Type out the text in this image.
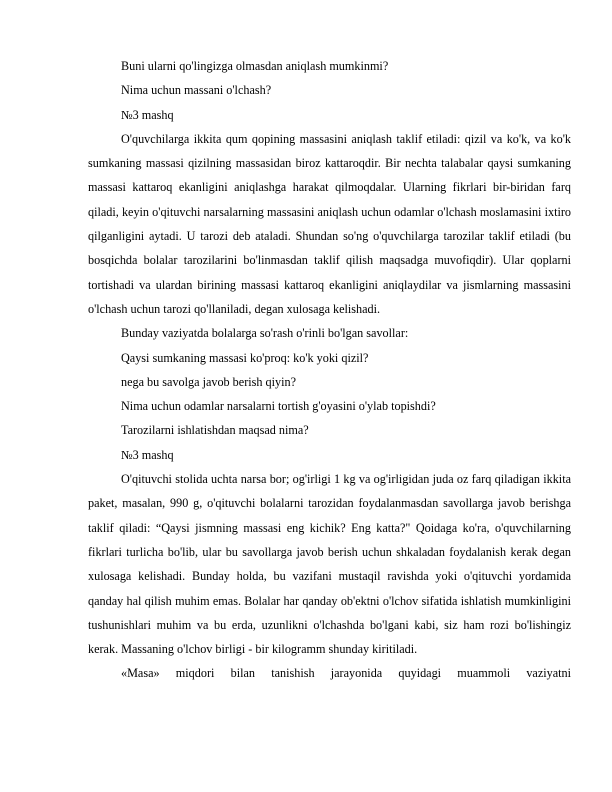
Buni ularni qo'lingizga olmasdan aniqlash mumkinmi?

Nima uchun massani o'lchash?

№3 mashq

O'quvchilarga ikkita qum qopining massasini aniqlash taklif etiladi: qizil va ko'k, va ko'k sumkaning massasi qizilning massasidan biroz kattaroqdir. Bir nechta talabalar qaysi sumkaning massasi kattaroq ekanligini aniqlashga harakat qilmoqdalar. Ularning fikrlari bir-biridan farq qiladi, keyin o'qituvchi narsalarning massasini aniqlash uchun odamlar o'lchash moslamasini ixtiro qilganligini aytadi. U tarozi deb ataladi. Shundan so'ng o'quvchilarga tarozilar taklif etiladi (bu bosqichda bolalar tarozilarini bo'linmasdan taklif qilish maqsadga muvofiqdir). Ular qoplarni tortishadi va ulardan birining massasi kattaroq ekanligini aniqlaydilar va jismlarning massasini o'lchash uchun tarozi qo'llaniladi, degan xulosaga kelishadi.

Bunday vaziyatda bolalarga so'rash o'rinli bo'lgan savollar:

Qaysi sumkaning massasi ko'proq: ko'k yoki qizil?

nega bu savolga javob berish qiyin?

Nima uchun odamlar narsalarni tortish g'oyasini o'ylab topishdi?

Tarozilarni ishlatishdan maqsad nima?

№3 mashq

O'qituvchi stolida uchta narsa bor; og'irligi 1 kg va og'irligidan juda oz farq qiladigan ikkita paket, masalan, 990 g, o'qituvchi bolalarni tarozidan foydalanmasdan savollarga javob berishga taklif qiladi: “Qaysi jismning massasi eng kichik? Eng katta?" Qoidaga ko'ra, o'quvchilarning fikrlari turlicha bo'lib, ular bu savollarga javob berish uchun shkaladan foydalanish kerak degan xulosaga kelishadi. Bunday holda, bu vazifani mustaqil ravishda yoki o'qituvchi yordamida qanday hal qilish muhim emas. Bolalar har qanday ob'ektni o'lchov sifatida ishlatish mumkinligini tushunishlari muhim va bu erda, uzunlikni o'lchashda bo'lgani kabi, siz ham rozi bo'lishingiz kerak. Massaning o'lchov birligi - bir kilogramm shunday kiritiladi.

«Masa» miqdori bilan tanishish jarayonida quyidagi muammoli vaziyatni
